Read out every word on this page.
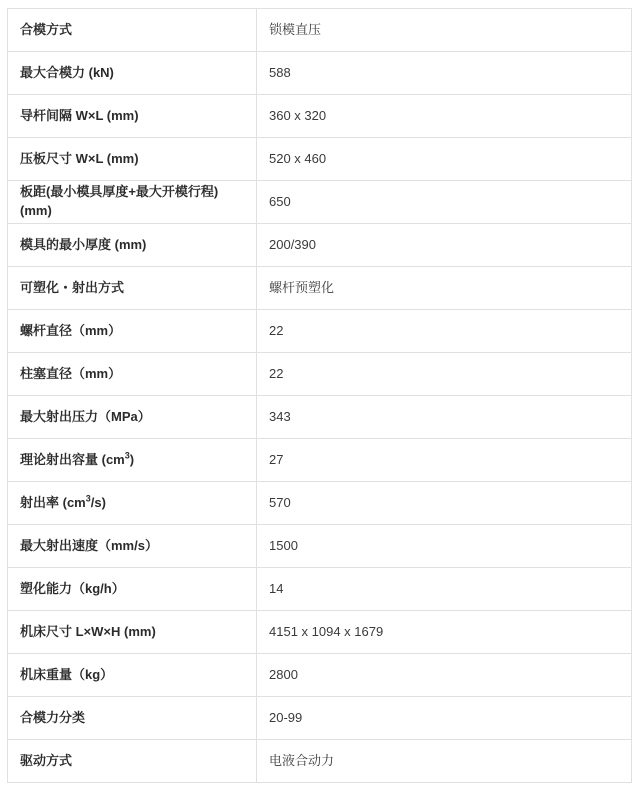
合模方式	锁模直压
最大合模力 (kN)	588
导杆间隔 W×L (mm)	360 x 320
压板尺寸 W×L (mm)	520 x 460
板距(最小模具厚度+最大开模行程) (mm)	650
模具的最小厚度 (mm)	200/390
可塑化・射出方式	螺杆预塑化
螺杆直径（mm）	22
柱塞直径（mm）	22
最大射出压力（MPa）	343
理论射出容量 $(cm^3)$	27
射出率 $(cm^3/s)$	570
最大射出速度（mm/s）	1500
塑化能力（kg/h）	14
机床尺寸 L×W×H (mm)	4151 x 1094 x 1679
机床重量（kg）	2800
合模力分类	20-99
驱动方式	电液合动力
